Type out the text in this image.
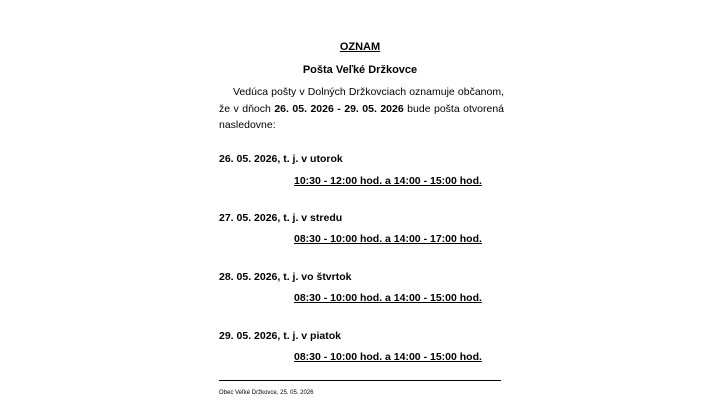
OZNAM
Pošta Veľké Držkovce
Vedúca pošty v Dolných Držkovciach oznamuje občanom,
že v dňoch 26. 05. 2026 - 29. 05. 2026 bude pošta otvorená
nasledovne:
26. 05. 2026, t. j. v utorok
10:30 - 12:00 hod. a 14:00 - 15:00 hod.
27. 05. 2026, t. j. v stredu
08:30 - 10:00 hod. a 14:00 - 17:00 hod.
28. 05. 2026, t. j. vo štvrtok
08:30 - 10:00 hod. a 14:00 - 15:00 hod.
29. 05. 2026, t. j. v piatok
08:30 - 10:00 hod. a 14:00 - 15:00 hod.
Obec Veľké Držkovce, 25. 05. 2026
